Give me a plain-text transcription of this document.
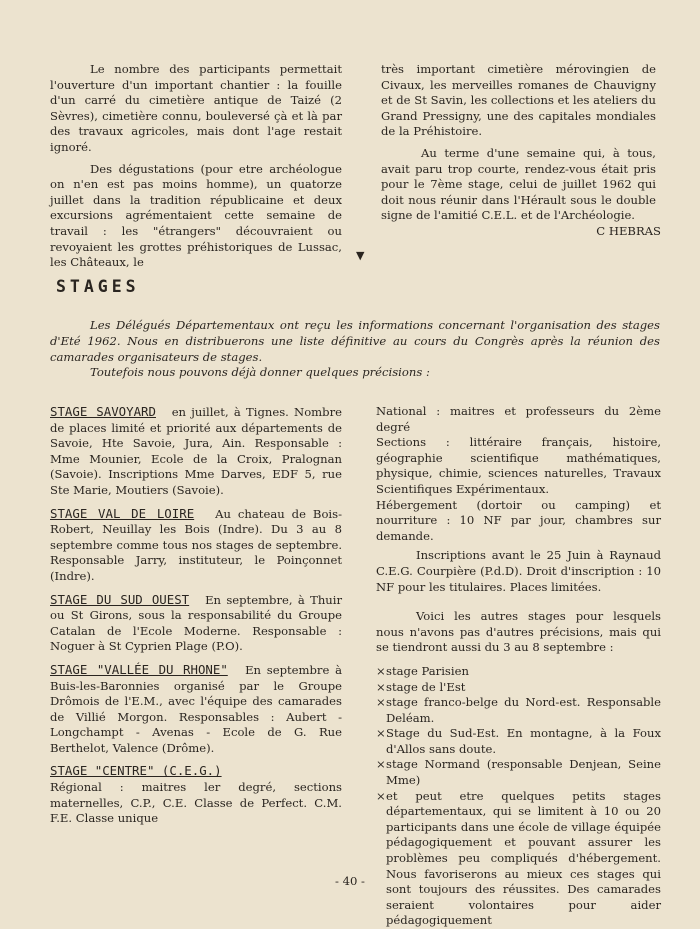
Le nombre des participants permettait l'ouverture d'un important chantier : la fouille d'un carré du cimetière antique de Taizé (2 Sèvres), cimetière connu, bouleversé çà et là par des travaux agricoles, mais dont l'age restait ignoré.

Des dégustations (pour etre archéologue on n'en est pas moins homme), un quatorze juillet dans la tradition républicaine et deux excursions agrémentaient cette semaine de travail : les "étrangers" découvraient ou revoyaient les grottes préhistoriques de Lussac, les Châteaux, le

très important cimetière mérovingien de Civaux, les merveilles romanes de Chauvigny et de St Savin, les collections et les ateliers du Grand Pressigny, une des capitales mondiales de la Préhistoire.

Au terme d'une semaine qui, à tous, avait paru trop courte, rendez-vous était pris pour le 7ème stage, celui de juillet 1962 qui doit nous réunir dans l'Hérault sous le double signe de l'amitié C.E.L. et de l'Archéologie.

C HEBRAS

▼
STAGES

Les Délégués Départementaux ont reçu les informations concernant l'organisation des stages d'Eté 1962. Nous en distribuerons une liste définitive au cours du Congrès après la réunion des camarades organisateurs de stages.

Toutefois nous pouvons déjà donner quelques précisions :

STAGE SAVOYARD en juillet, à Tignes. Nombre de places limité et priorité aux départements de Savoie, Hte Savoie, Jura, Ain. Responsable : Mme Mounier, Ecole de la Croix, Pralognan (Savoie). Inscriptions Mme Darves, EDF 5, rue Ste Marie, Moutiers (Savoie).
STAGE VAL DE LOIRE Au chateau de Bois-Robert, Neuillay les Bois (Indre). Du 3 au 8 septembre comme tous nos stages de septembre. Responsable Jarry, instituteur, le Poinçonnet (Indre).
STAGE DU SUD OUEST En septembre, à Thuir ou St Girons, sous la responsabilité du Groupe Catalan de l'Ecole Moderne. Responsable : Noguer à St Cyprien Plage (P.O).
STAGE "VALLÉE DU RHONE" En septembre à Buis-les-Baronnies organisé par le Groupe Drômois de l'E.M., avec l'équipe des camarades de Villié Morgon. Responsables : Aubert - Longchampt - Avenas - Ecole de G. Rue Berthelot, Valence (Drôme).
STAGE "CENTRE" (C.E.G.)
Régional : maitres ler degré, sections maternelles, C.P., C.E. Classe de Perfect. C.M. F.E. Classe unique
National : maitres et professeurs du 2ème degré
Sections : littéraire français, histoire, géographie scientifique mathématiques, physique, chimie, sciences naturelles, Travaux Scientifiques Expérimentaux.

Hébergement (dortoir ou camping) et nourriture : 10 NF par jour, chambres sur demande.

Inscriptions avant le 25 Juin à Raynaud C.E.G. Courpière (P.d.D). Droit d'inscription : 10 NF pour les titulaires. Places limitées.

Voici les autres stages pour lesquels nous n'avons pas d'autres précisions, mais qui se tiendront aussi du 3 au 8 septembre :

× stage Parisien
× stage de l'Est
× stage franco-belge du Nord-est. Responsable Deléam.
× Stage du Sud-Est. En montagne, à la Foux d'Allos sans doute.
× stage Normand (responsable Denjean, Seine Mme)
× et peut etre quelques petits stages départementaux, qui se limitent à 10 ou 20 participants dans une école de village équipée pédagogiquement et pouvant assurer les problèmes peu compliqués d'hébergement. Nous favoriserons au mieux ces stages qui sont toujours des réussites. Des camarades seraient volontaires pour aider pédagogiquement
- 40 -
